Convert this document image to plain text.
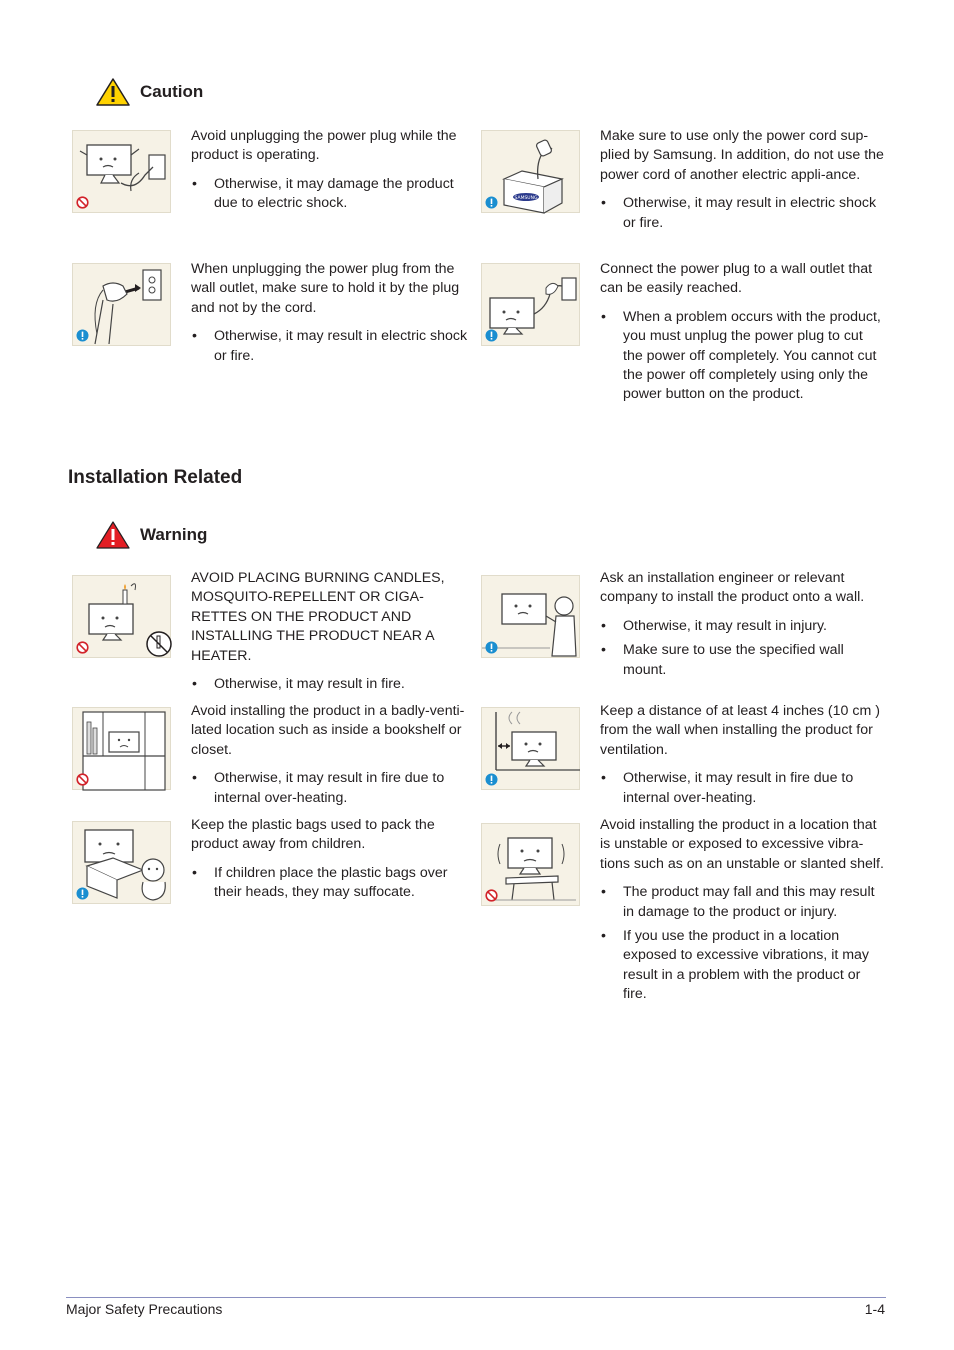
Caution

Avoid unplugging the power plug while the product is operating.

• Otherwise, it may damage the product due to electric shock.	SAMSUNG

Make sure to use only the power cord sup-plied by Samsung. In addition, do not use the power cord of another electric appli-ance.

• Otherwise, it may result in electric shock or fire.

When unplugging the power plug from the wall outlet, make sure to hold it by the plug and not by the cord.

• Otherwise, it may result in electric shock or fire.

Connect the power plug to a wall outlet that can be easily reached.

• When a problem occurs with the product, you must unplug the power plug to cut the power off completely. You cannot cut the power off completely using only the power button on the product.
Installation Related
Warning

AVOID PLACING BURNING CANDLES, MOSQUITO-REPELLENT OR CIGA-RETTES ON THE PRODUCT AND INSTALLING THE PRODUCT NEAR A HEATER.

• Otherwise, it may result in fire.

Ask an installation engineer or relevant company to install the product onto a wall.

• Otherwise, it may result in injury.
• Make sure to use the specified wall mount.

Avoid installing the product in a badly-venti-lated location such as inside a bookshelf or closet.

• Otherwise, it may result in fire due to internal over-heating.

Keep a distance of at least 4 inches (10 cm ) from the wall when installing the product for ventilation.

• Otherwise, it may result in fire due to internal over-heating.

Keep the plastic bags used to pack the product away from children.

• If children place the plastic bags over their heads, they may suffocate.

Avoid installing the product in a location that is unstable or exposed to excessive vibra-tions such as on an unstable or slanted shelf.

• The product may fall and this may result in damage to the product or injury.
• If you use the product in a location exposed to excessive vibrations, it may result in a problem with the product or fire.
Major Safety Precautions	1-4
